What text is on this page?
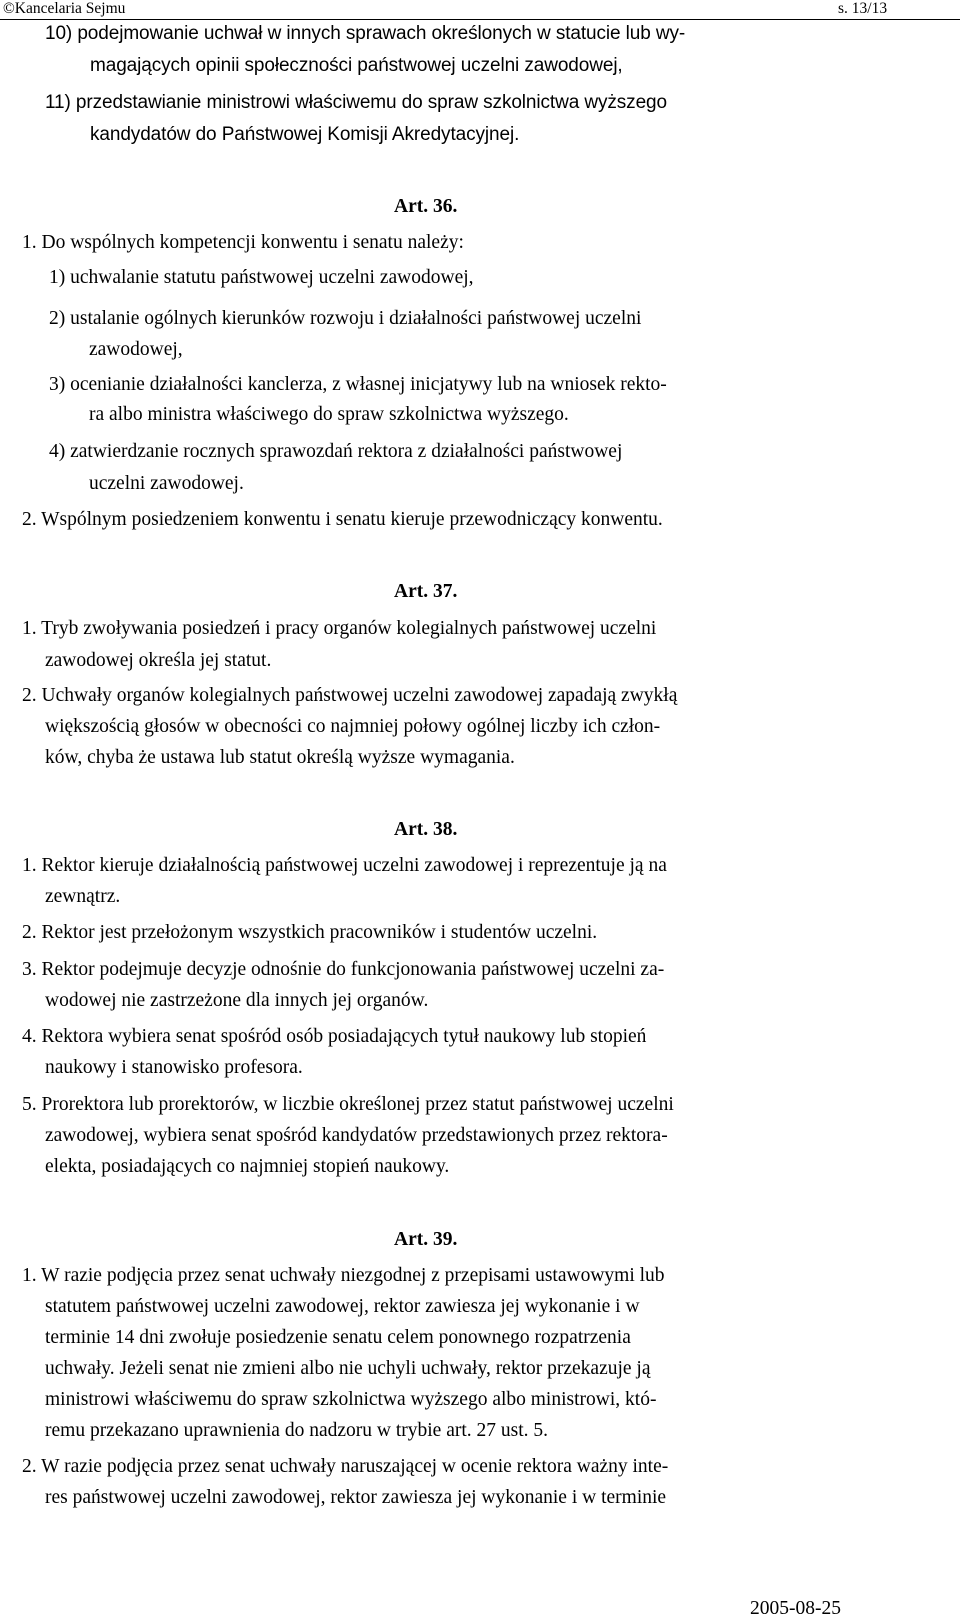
©Kancelaria Sejmu	s. 13/13
10) podejmowanie uchwał w innych sprawach określonych w statucie lub wy-
magających opinii społeczności państwowej uczelni zawodowej,
11) przedstawianie ministrowi właściwemu do spraw szkolnictwa wyższego
kandydatów do Państwowej Komisji Akredytacyjnej.
Art. 36.
1. Do wspólnych kompetencji konwentu i senatu należy:
1) uchwalanie statutu państwowej uczelni zawodowej,
2) ustalanie ogólnych kierunków rozwoju i działalności państwowej uczelni
zawodowej,
3) ocenianie działalności kanclerza, z własnej inicjatywy lub na wniosek rekto-
ra albo ministra właściwego do spraw szkolnictwa wyższego.
4) zatwierdzanie rocznych sprawozdań rektora z działalności państwowej
uczelni zawodowej.
2. Wspólnym posiedzeniem konwentu i senatu kieruje przewodniczący konwentu.
Art. 37.
1. Tryb zwoływania posiedzeń i pracy organów kolegialnych państwowej uczelni
zawodowej określa jej statut.
2. Uchwały organów kolegialnych państwowej uczelni zawodowej zapadają zwykłą
większością głosów w obecności co najmniej połowy ogólnej liczby ich człon-
ków, chyba że ustawa lub statut określą wyższe wymagania.
Art. 38.
1. Rektor kieruje działalnością państwowej uczelni zawodowej i reprezentuje ją na
zewnątrz.
2. Rektor jest przełożonym wszystkich pracowników i studentów uczelni.
3. Rektor podejmuje decyzje odnośnie do funkcjonowania państwowej uczelni za-
wodowej nie zastrzeżone dla innych jej organów.
4. Rektora wybiera senat spośród osób posiadających tytuł naukowy lub stopień
naukowy i stanowisko profesora.
5. Prorektora lub prorektorów, w liczbie określonej przez statut państwowej uczelni
zawodowej, wybiera senat spośród kandydatów przedstawionych przez rektora-
elekta, posiadających co najmniej stopień naukowy.
Art. 39.
1. W razie podjęcia przez senat uchwały niezgodnej z przepisami ustawowymi lub
statutem państwowej uczelni zawodowej, rektor zawiesza jej wykonanie i w
terminie 14 dni zwołuje posiedzenie senatu celem ponownego rozpatrzenia
uchwały. Jeżeli senat nie zmieni albo nie uchyli uchwały, rektor przekazuje ją
ministrowi właściwemu do spraw szkolnictwa wyższego albo ministrowi, któ-
remu przekazano uprawnienia do nadzoru w trybie art. 27 ust. 5.
2. W razie podjęcia przez senat uchwały naruszającej w ocenie rektora ważny inte-
res państwowej uczelni zawodowej, rektor zawiesza jej wykonanie i w terminie
2005-08-25
